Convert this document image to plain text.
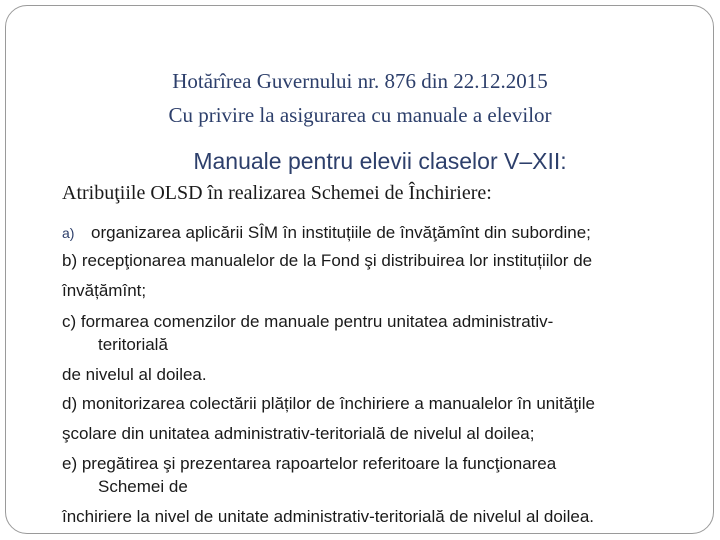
Hotărîrea Guvernului nr. 876 din 22.12.2015
Cu privire la asigurarea cu manuale a elevilor
Manuale pentru elevii claselor V–XII:
Atribuţiile OLSD în realizarea Schemei de Închiriere:
a) organizarea aplicării SÎM în instituțiile de învăţămînt din subordine;
b) recepţionarea manualelor de la Fond şi distribuirea lor instituțiilor de
învățămînt;
c) formarea comenzilor de manuale pentru unitatea administrativ-
teritorială
de nivelul al doilea.
d) monitorizarea colectării plăților de închiriere a manualelor în unităţile
şcolare din unitatea administrativ-teritorială de nivelul al doilea;
e) pregătirea şi prezentarea rapoartelor referitoare la funcţionarea
Schemei de
închiriere la nivel de unitate administrativ-teritorială de nivelul al doilea.
